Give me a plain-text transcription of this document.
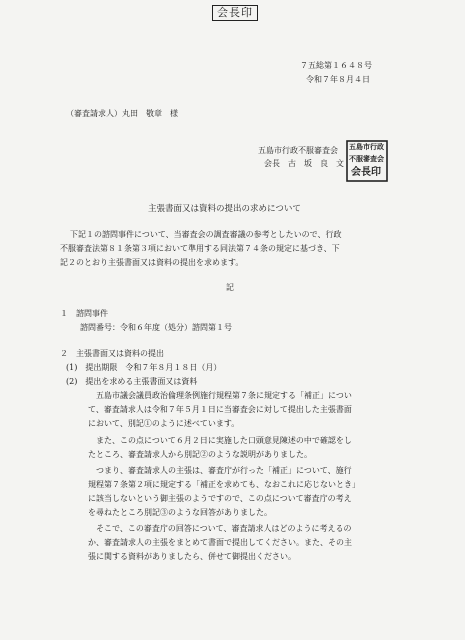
会長印
７五総第１６４８号
令和７年８月４日
（審査請求人）丸田　敬章　様
五島市行政不服審査会
会長　古　坂　良　文
五島市行政
不服審査会
会長印
主張書面又は資料の提出の求めについて
下記１の諮問事件について、当審査会の調査審議の参考としたいので、行政
不服審査法第８１条第３項において準用する同法第７４条の規定に基づき、下
記２のとおり主張書面又は資料の提出を求めます。
記
１　諮問事件
諮問番号：令和６年度（処分）諮問第１号
２　主張書面又は資料の提出
(1)　提出期限　令和７年８月１８日（月）
(2)　提出を求める主張書面又は資料
五島市議会議員政治倫理条例施行規程第７条に規定する「補正」につい
て、審査請求人は令和７年５月１日に当審査会に対して提出した主張書面
において、別記①のように述べています。
また、この点について６月２日に実施した口頭意見陳述の中で確認をし
たところ、審査請求人から別記②のような説明がありました。
つまり、審査請求人の主張は、審査庁が行った「補正」について、施行
規程第７条第２項に規定する「補正を求めても、なおこれに応じないとき」
に該当しないという御主張のようですので、この点について審査庁の考え
を尋ねたところ別記③のような回答がありました。
そこで、この審査庁の回答について、審査請求人はどのように考えるの
か、審査請求人の主張をまとめて書面で提出してください。また、その主
張に関する資料がありましたら、併せて御提出ください。
